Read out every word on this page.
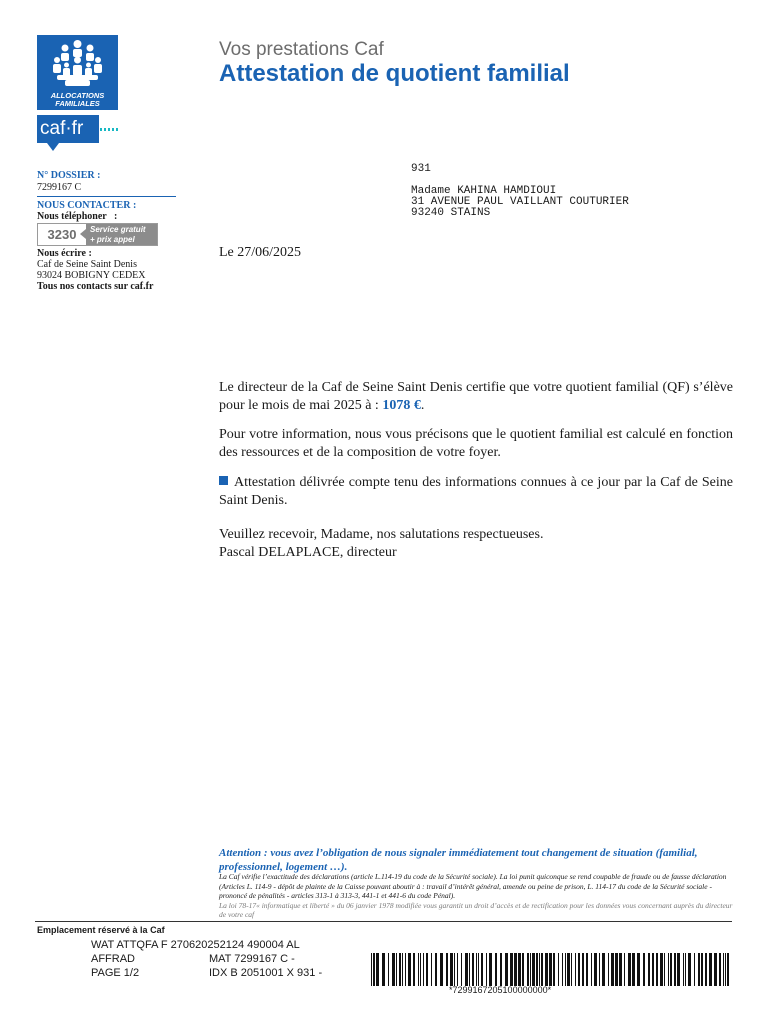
ALLOCATIONS
FAMILIALES
caf·fr
Vos prestations Caf
Attestation de quotient familial
N° DOSSIER :
7299167 C
NOUS CONTACTER :
Nous téléphoner :
3230	Service gratuit
+ prix appel
Nous écrire :
Caf de Seine Saint Denis
93024 BOBIGNY CEDEX
Tous nos contacts sur caf.fr
931
Madame KAHINA HAMDIOUI
31 AVENUE PAUL VAILLANT COUTURIER
93240 STAINS
Le 27/06/2025
Le directeur de la Caf de Seine Saint Denis certifie que votre quotient familial (QF) s’élève pour le mois de mai 2025 à : 1078 €.
Pour votre information, nous vous précisons que le quotient familial est calculé en fonction des ressources et de la composition de votre foyer.
Attestation délivrée compte tenu des informations connues à ce jour par la Caf de Seine Saint Denis.
Veuillez recevoir, Madame, nos salutations respectueuses.
Pascal DELAPLACE, directeur
Attention : vous avez l’obligation de nous signaler immédiatement tout changement de situation (familial, professionnel, logement …).
La Caf vérifie l’exactitude des déclarations (article L.114-19 du code de la Sécurité sociale). La loi punit quiconque se rend coupable de fraude ou de fausse déclaration (Articles L. 114-9 - dépôt de plainte de la Caisse pouvant aboutir à : travail d’intérêt général, amende ou peine de prison, L. 114-17 du code de la Sécurité sociale - prononcé de pénalités - articles 313-1 à 313-3, 441-1 et 441-6 du code Pénal).
La loi 78-17« informatique et liberté » du 06 janvier 1978 modifiée vous garantit un droit d’accès et de rectification pour les données vous concernant auprès du directeur de votre caf
Emplacement réservé à la Caf
WAT ATTQFA F 270620252124 490004 AL
AFFRAD	MAT 7299167 C -
PAGE 1/2	IDX B 2051001 X 931 -
*7299167205100000000*
